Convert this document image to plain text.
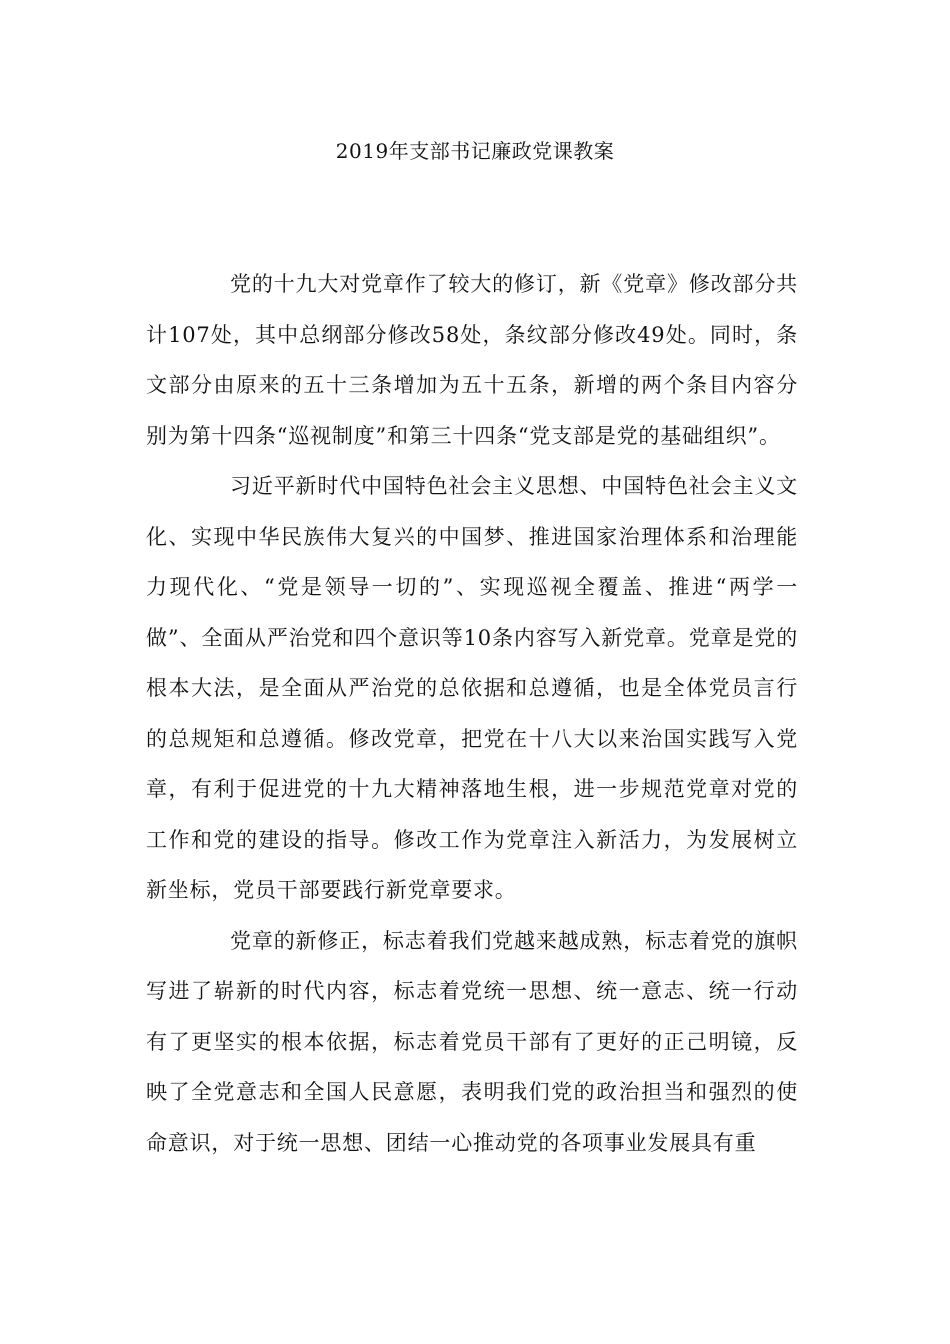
2019年支部书记廉政党课教案

党的十九大对党章作了较大的修订，新《党章》修改部分共计107处，其中总纲部分修改58处，条纹部分修改49处。同时，条文部分由原来的五十三条增加为五十五条，新增的两个条目内容分别为第十四条“巡视制度”和第三十四条“党支部是党的基础组织”。

习近平新时代中国特色社会主义思想、中国特色社会主义文化、实现中华民族伟大复兴的中国梦、推进国家治理体系和治理能力现代化、“党是领导一切的”、实现巡视全覆盖、推进“两学一做”、全面从严治党和四个意识等10条内容写入新党章。党章是党的根本大法，是全面从严治党的总依据和总遵循，也是全体党员言行的总规矩和总遵循。修改党章，把党在十八大以来治国实践写入党章，有利于促进党的十九大精神落地生根，进一步规范党章对党的工作和党的建设的指导。修改工作为党章注入新活力，为发展树立新坐标，党员干部要践行新党章要求。

党章的新修正，标志着我们党越来越成熟，标志着党的旗帜写进了崭新的时代内容，标志着党统一思想、统一意志、统一行动有了更坚实的根本依据，标志着党员干部有了更好的正己明镜，反映了全党意志和全国人民意愿，表明我们党的政治担当和强烈的使命意识，对于统一思想、团结一心推动党的各项事业发展具有重
